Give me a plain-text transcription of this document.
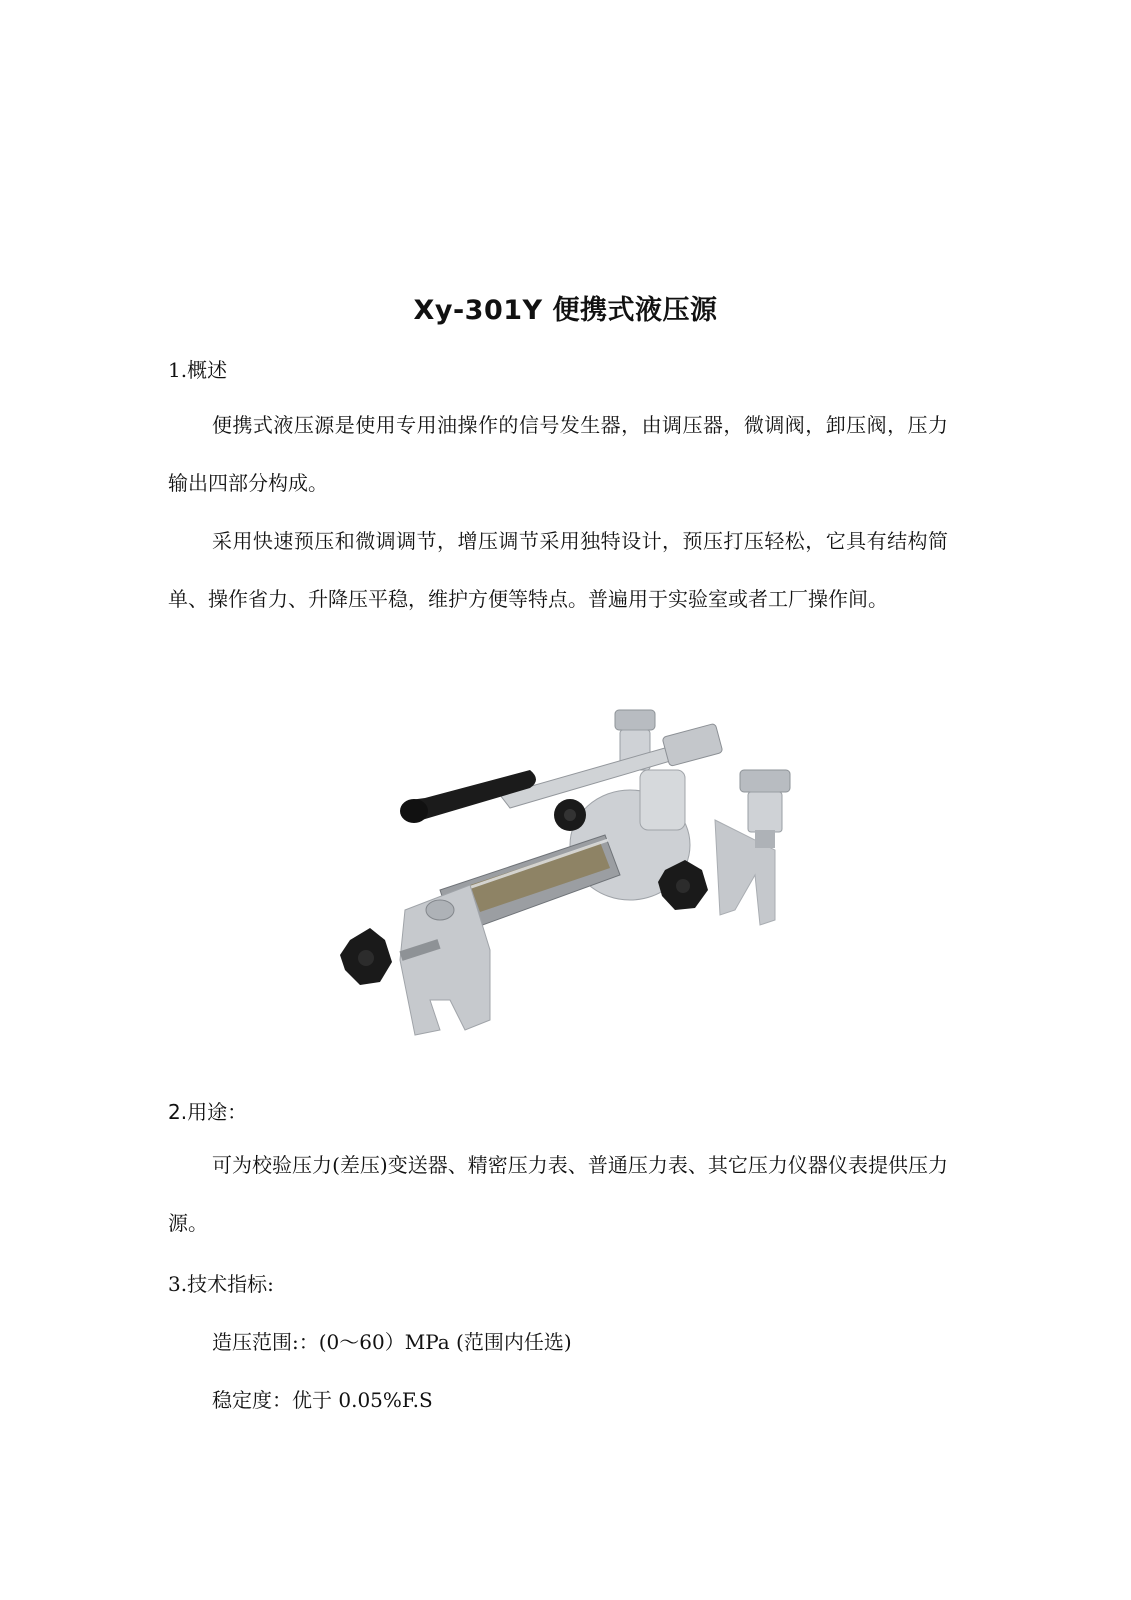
Xy-301Y 便携式液压源
1.概述

便携式液压源是使用专用油操作的信号发生器，由调压器，微调阀，卸压阀，压力输出四部分构成。

采用快速预压和微调调节，增压调节采用独特设计，预压打压轻松，它具有结构简单、操作省力、升降压平稳，维护方便等特点。普遍用于实验室或者工厂操作间。

2.用途：

可为校验压力(差压)变送器、精密压力表、普通压力表、其它压力仪器仪表提供压力源。

3.技术指标:
造压范围:：(0～60）MPa (范围内任选)
稳定度：优于 0.05%F.S
